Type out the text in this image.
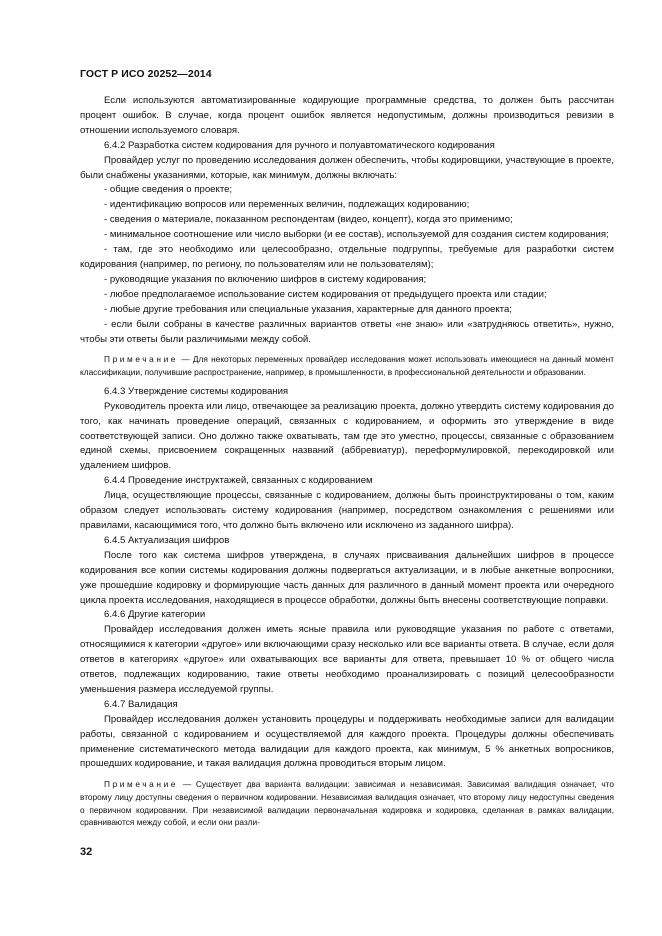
ГОСТ Р ИСО 20252—2014

Если используются автоматизированные кодирующие программные средства, то должен быть рассчитан процент ошибок. В случае, когда процент ошибок является недопустимым, должны производиться ревизии в отношении используемого словаря.

6.4.2 Разработка систем кодирования для ручного и полуавтоматического кодирования

Провайдер услуг по проведению исследования должен обеспечить, чтобы кодировщики, участвующие в проекте, были снабжены указаниями, которые, как минимум, должны включать:

- общие сведения о проекте;

- идентификацию вопросов или переменных величин, подлежащих кодированию;

- сведения о материале, показанном респондентам (видео, концепт), когда это применимо;

- минимальное соотношение или число выборки (и ее состав), используемой для создания систем кодирования;

- там, где это необходимо или целесообразно, отдельные подгруппы, требуемые для разработки систем кодирования (например, по региону, по пользователям или не пользователям);

- руководящие указания по включению шифров в систему кодирования;

- любое предполагаемое использование систем кодирования от предыдущего проекта или стадии;

- любые другие требования или специальные указания, характерные для данного проекта;

- если были собраны в качестве различных вариантов ответы «не знаю» или «затрудняюсь ответить», нужно, чтобы эти ответы были различимыми между собой.

Примечание — Для некоторых переменных провайдер исследования может использовать имеющиеся на данный момент классификации, получившие распространение, например, в промышленности, в профессиональной деятельности и образовании.

6.4.3 Утверждение системы кодирования

Руководитель проекта или лицо, отвечающее за реализацию проекта, должно утвердить систему кодирования до того, как начинать проведение операций, связанных с кодированием, и оформить это утверждение в виде соответствующей записи. Оно должно также охватывать, там где это уместно, процессы, связанные с образованием единой схемы, присвоением сокращенных названий (аббревиатур), переформулировкой, перекодировкой или удалением шифров.

6.4.4 Проведение инструктажей, связанных с кодированием

Лица, осуществляющие процессы, связанные с кодированием, должны быть проинструктированы о том, каким образом следует использовать систему кодирования (например, посредством ознакомления с решениями или правилами, касающимися того, что должно быть включено или исключено из заданного шифра).

6.4.5 Актуализация шифров

После того как система шифров утверждена, в случаях присваивания дальнейших шифров в процессе кодирования все копии системы кодирования должны подвергаться актуализации, и в любые анкетные вопросники, уже прошедшие кодировку и формирующие часть данных для различного в данный момент проекта или очередного цикла проекта исследования, находящиеся в процессе обработки, должны быть внесены соответствующие поправки.

6.4.6 Другие категории

Провайдер исследования должен иметь ясные правила или руководящие указания по работе с ответами, относящимися к категории «другое» или включающими сразу несколько или все варианты ответа. В случае, если доля ответов в категориях «другое» или охватывающих все варианты для ответа, превышает 10 % от общего числа ответов, подлежащих кодированию, такие ответы необходимо проанализировать с позиций целесообразности уменьшения размера исследуемой группы.

6.4.7 Валидация

Провайдер исследования должен установить процедуры и поддерживать необходимые записи для валидации работы, связанной с кодированием и осуществляемой для каждого проекта. Процедуры должны обеспечивать применение систематического метода валидации для каждого проекта, как минимум, 5 % анкетных вопросников, прошедших кодирование, и такая валидация должна проводиться вторым лицом.

Примечание — Существует два варианта валидации: зависимая и независимая. Зависимая валидация означает, что второму лицу доступны сведения о первичном кодировании. Независимая валидация означает, что второму лицу недоступны сведения о первичном кодировании. При независимой валидации первоначальная кодировка и кодировка, сделанная в рамках валидации, сравниваются между собой, и если они разли-

32
